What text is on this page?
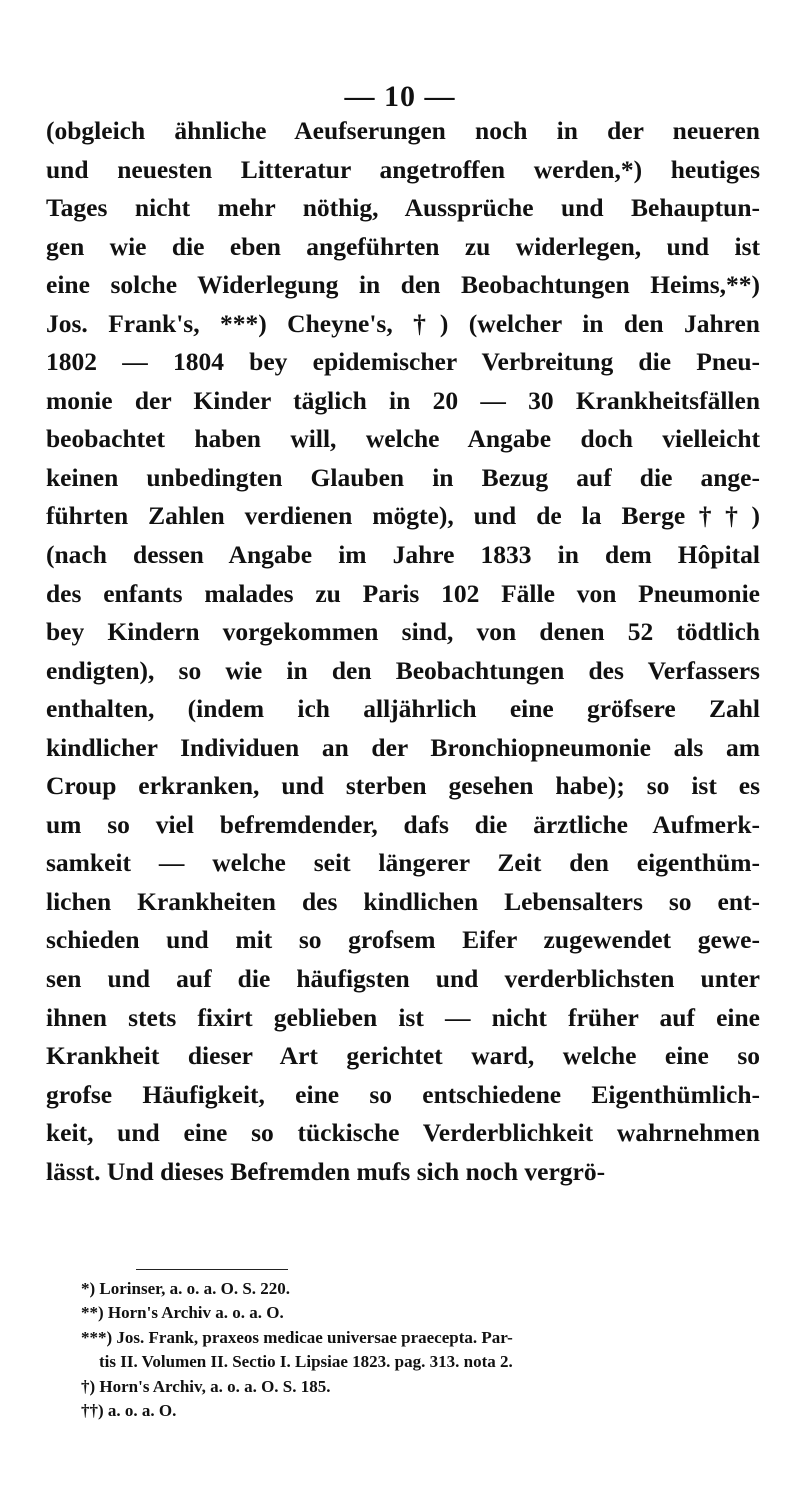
— 10 —
(obgleich ähnliche Aeufserungen noch in der neueren
und neuesten Litteratur angetroffen werden,*) heutiges
Tages nicht mehr nöthig, Aussprüche und Behauptun-
gen wie die eben angeführten zu widerlegen, und ist
eine solche Widerlegung in den Beobachtungen Heims,**)
Jos. Frank's, ***) Cheyne's, †) (welcher in den Jahren
1802 — 1804 bey epidemischer Verbreitung die Pneu-
monie der Kinder täglich in 20 — 30 Krankheitsfällen
beobachtet haben will, welche Angabe doch vielleicht
keinen unbedingten Glauben in Bezug auf die ange-
führten Zahlen verdienen mögte), und de la Berge††)
(nach dessen Angabe im Jahre 1833 in dem Hôpital
des enfants malades zu Paris 102 Fälle von Pneumonie
bey Kindern vorgekommen sind, von denen 52 tödtlich
endigten), so wie in den Beobachtungen des Verfassers
enthalten, (indem ich alljährlich eine gröfsere Zahl
kindlicher Individuen an der Bronchiopneumonie als am
Croup erkranken, und sterben gesehen habe); so ist es
um so viel befremdender, dafs die ärztliche Aufmerk-
samkeit — welche seit längerer Zeit den eigenthüm-
lichen Krankheiten des kindlichen Lebensalters so ent-
schieden und mit so grofsem Eifer zugewendet gewe-
sen und auf die häufigsten und verderblichsten unter
ihnen stets fixirt geblieben ist — nicht früher auf eine
Krankheit dieser Art gerichtet ward, welche eine so
grofse Häufigkeit, eine so entschiedene Eigenthümlich-
keit, und eine so tückische Verderblichkeit wahrnehmen
lässt. Und dieses Befremden mufs sich noch vergrö-
*) Lorinser, a. o. a. O. S. 220.
**) Horn's Archiv a. o. a. O.
***) Jos. Frank, praxeos medicae universae praecepta. Par-
tis II. Volumen II. Sectio I. Lipsiae 1823. pag. 313. nota 2.
†) Horn's Archiv, a. o. a. O. S. 185.
††) a. o. a. O.
